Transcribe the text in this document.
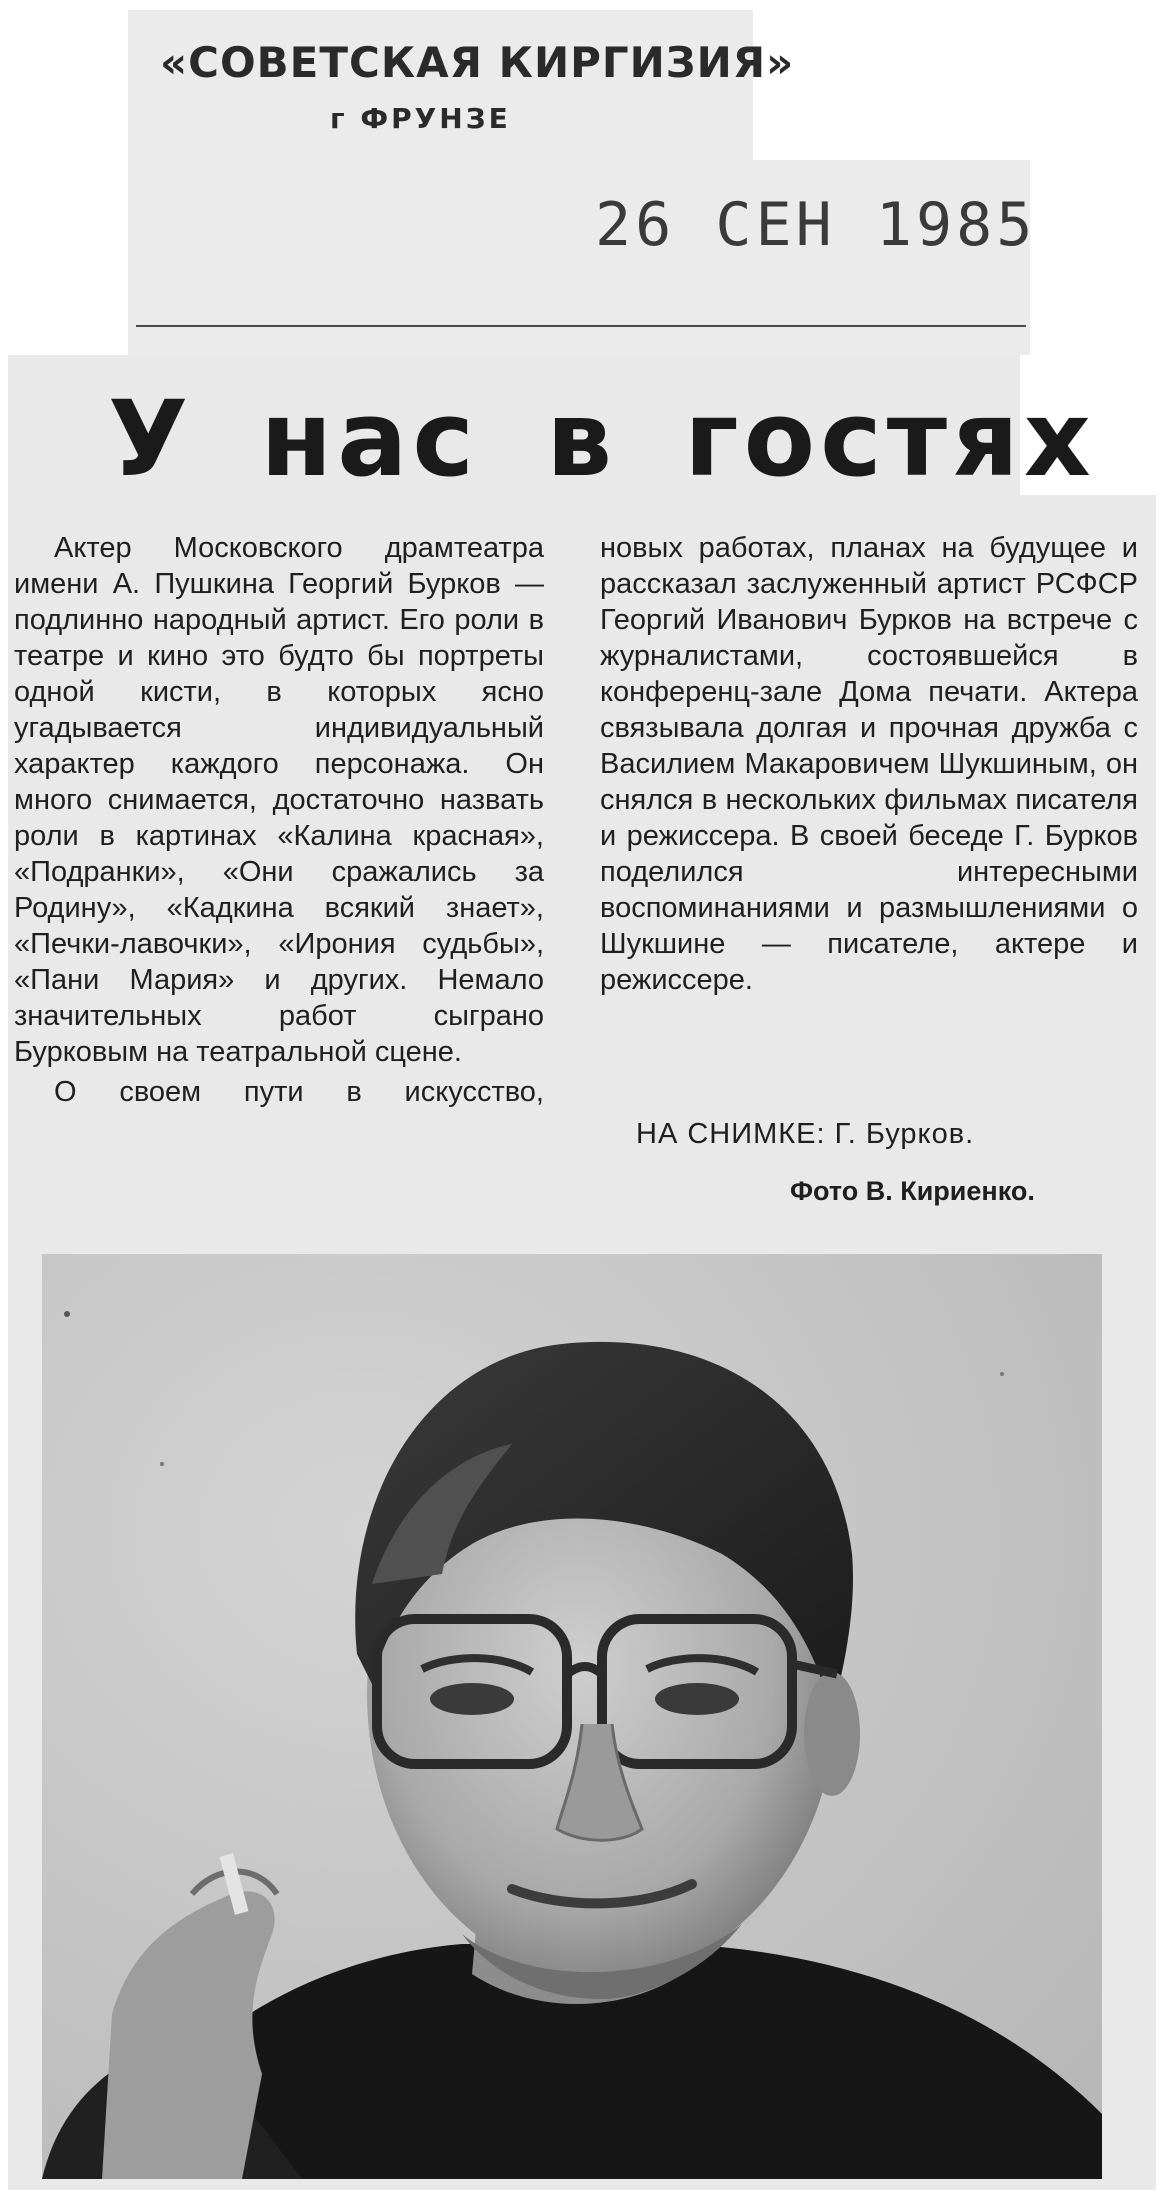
«СОВЕТСКАЯ КИРГИЗИЯ»
г ФРУНЗЕ
26 СЕН 1985
У нас в гостях

Актер Московского драмтеатра имени А. Пушкина Георгий Бурков — подлинно народный артист. Его роли в театре и кино это будто бы портреты одной кисти, в которых ясно угадывается индивидуальный характер каждого персонажа. Он много снимается, достаточно назвать роли в картинах «Калина красная», «Подранки», «Они сражались за Родину», «Кадкина всякий знает», «Печки-лавочки», «Ирония судьбы», «Пани Мария» и других. Немало значительных работ сыграно Бурковым на театральной сцене.

О своем пути в искусство,

новых работах, планах на будущее и рассказал заслуженный артист РСФСР Георгий Иванович Бурков на встрече с журналистами, состоявшейся в конференц-зале Дома печати. Актера связывала долгая и прочная дружба с Василием Макаровичем Шукшиным, он снялся в нескольких фильмах писателя и режиссера. В своей беседе Г. Бурков поделился интересными воспоминаниями и размышлениями о Шукшине — писателе, актере и режиссере.

НА СНИМКЕ: Г. Бурков.
Фото В. Кириенко.
